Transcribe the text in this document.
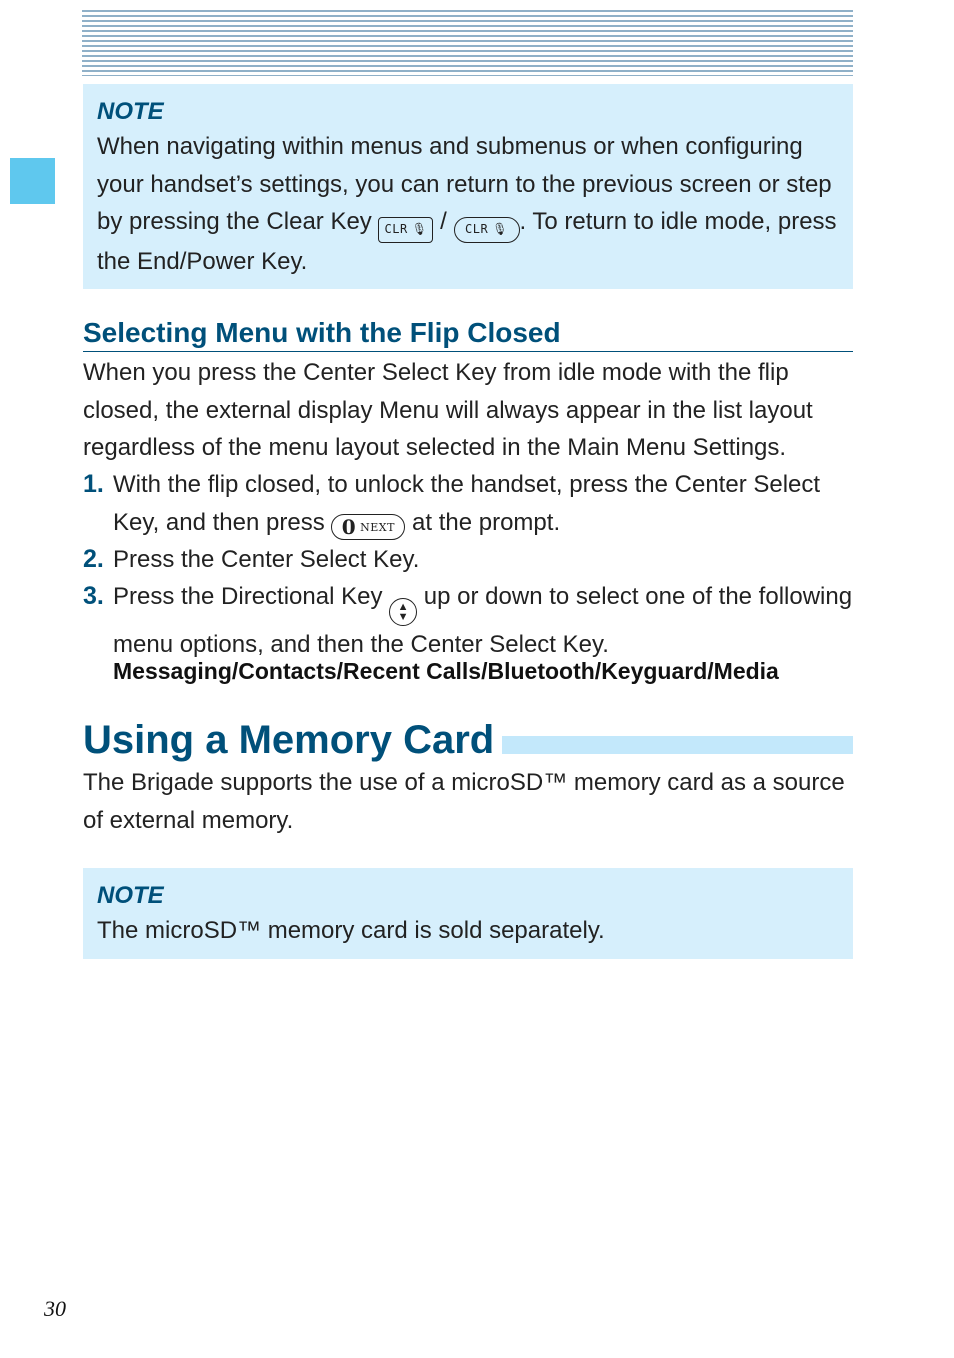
NOTE
When navigating within menus and submenus or when configuring your handset’s settings, you can return to the previous screen or step by pressing the Clear Key CLR 🎙︎ / CLR 🎙︎ . To return to idle mode, press the End/Power Key.
Selecting Menu with the Flip Closed
When you press the Center Select Key from idle mode with the flip closed, the external display Menu will always appear in the list layout regardless of the menu layout selected in the Main Menu Settings.
1. With the flip closed, to unlock the handset, press the Center Select Key, and then press 0 NEXT at the prompt.
2. Press the Center Select Key.
3. Press the Directional Key ▲
▼
up or down to select one of the following menu options, and then the Center Select Key.
Messaging/Contacts/Recent Calls/Bluetooth/Keyguard/Media
Using a Memory Card
The Brigade supports the use of a microSD™ memory card as a source of external memory.
NOTE
The microSD™ memory card is sold separately.
30
